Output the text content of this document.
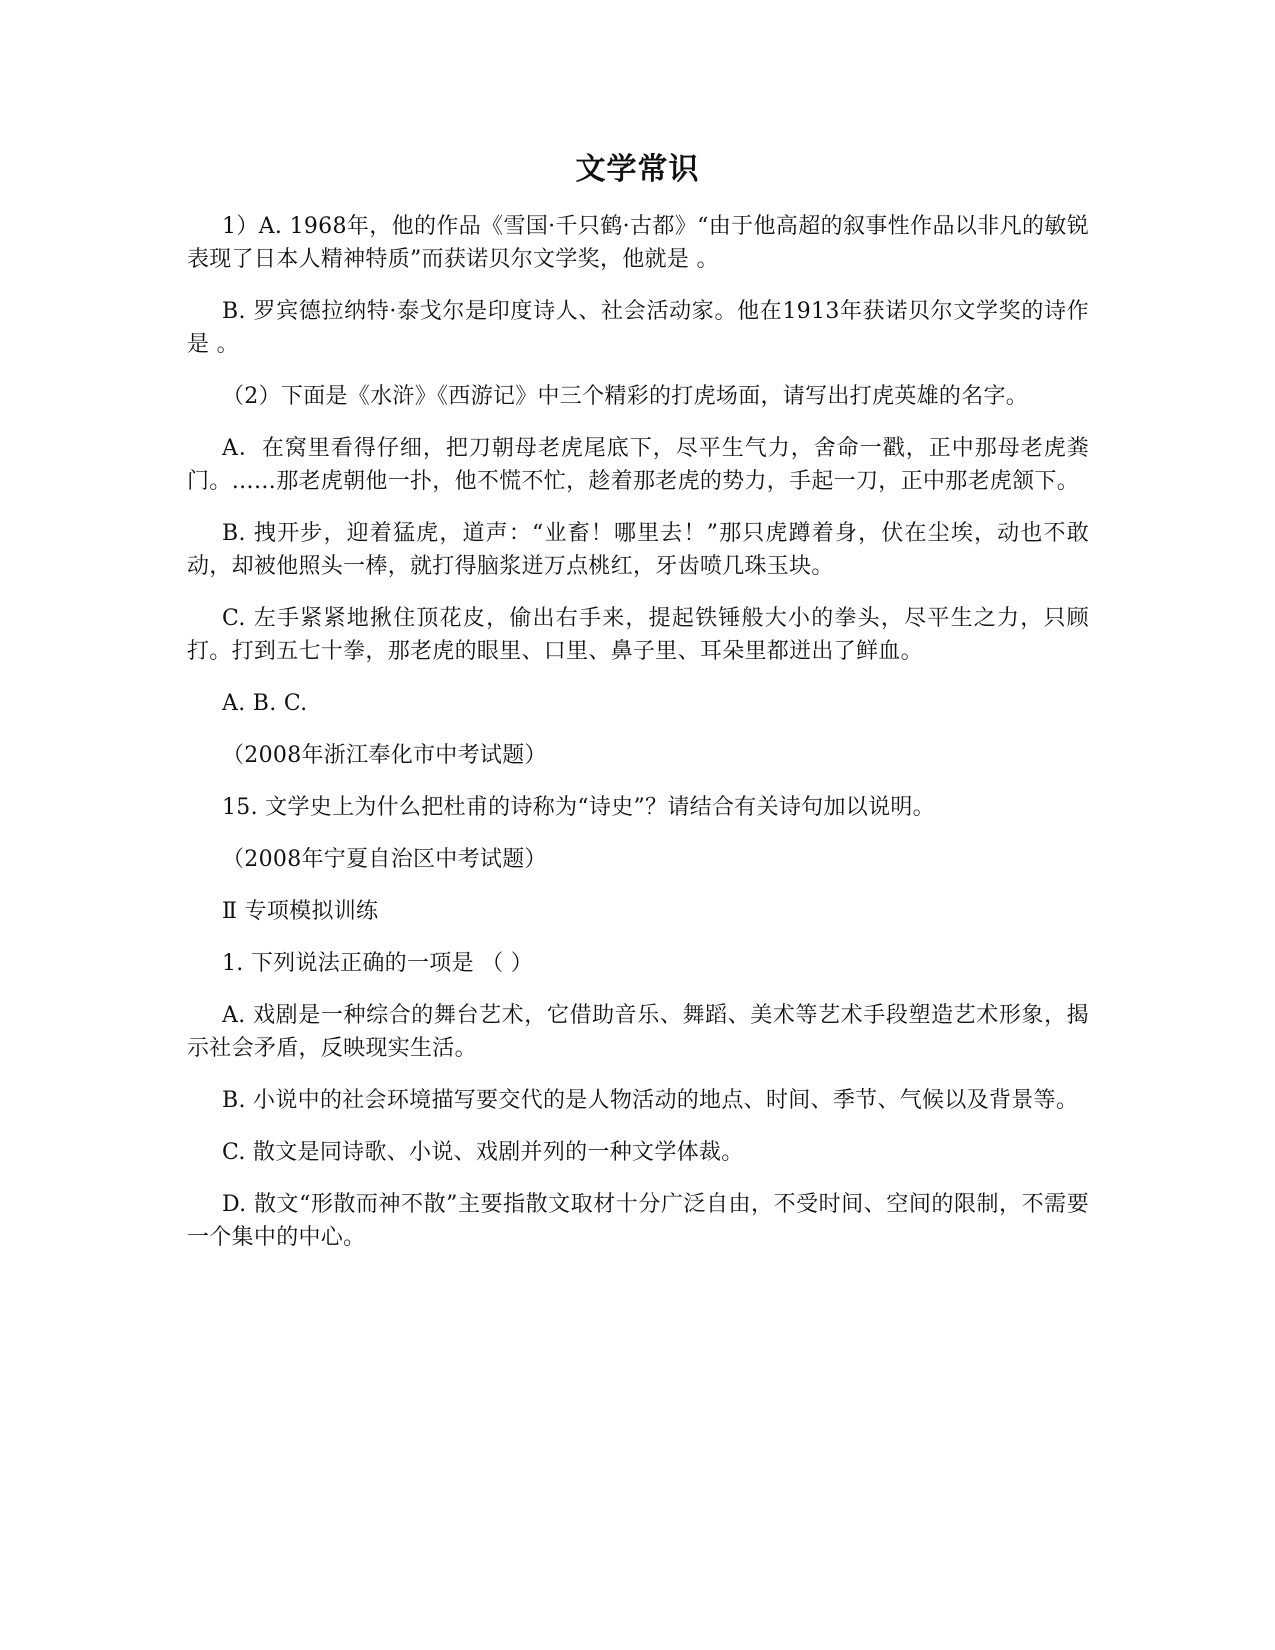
文学常识

1）A. 1968年，他的作品《雪国·千只鹤·古都》“由于他高超的叙事性作品以非凡的敏锐表现了日本人精神特质”而获诺贝尔文学奖，他就是 。

B. 罗宾德拉纳特·泰戈尔是印度诗人、社会活动家。他在1913年获诺贝尔文学奖的诗作是 。

（2）下面是《水浒》《西游记》中三个精彩的打虎场面，请写出打虎英雄的名字。

A．在窝里看得仔细，把刀朝母老虎尾底下，尽平生气力，舍命一戳，正中那母老虎粪门。……那老虎朝他一扑，他不慌不忙，趁着那老虎的势力，手起一刀，正中那老虎颔下。

B. 拽开步，迎着猛虎，道声：“业畜！哪里去！”那只虎蹲着身，伏在尘埃，动也不敢动，却被他照头一棒，就打得脑浆迸万点桃红，牙齿喷几珠玉块。

C. 左手紧紧地揪住顶花皮，偷出右手来，提起铁锤般大小的拳头，尽平生之力，只顾打。打到五七十拳，那老虎的眼里、口里、鼻子里、耳朵里都迸出了鲜血。

A. B. C.

（2008年浙江奉化市中考试题）

15. 文学史上为什么把杜甫的诗称为“诗史”？请结合有关诗句加以说明。

（2008年宁夏自治区中考试题）

Ⅱ 专项模拟训练

1. 下列说法正确的一项是 （ ）

A. 戏剧是一种综合的舞台艺术，它借助音乐、舞蹈、美术等艺术手段塑造艺术形象，揭示社会矛盾，反映现实生活。

B. 小说中的社会环境描写要交代的是人物活动的地点、时间、季节、气候以及背景等。

C. 散文是同诗歌、小说、戏剧并列的一种文学体裁。

D. 散文“形散而神不散”主要指散文取材十分广泛自由，不受时间、空间的限制，不需要一个集中的中心。
